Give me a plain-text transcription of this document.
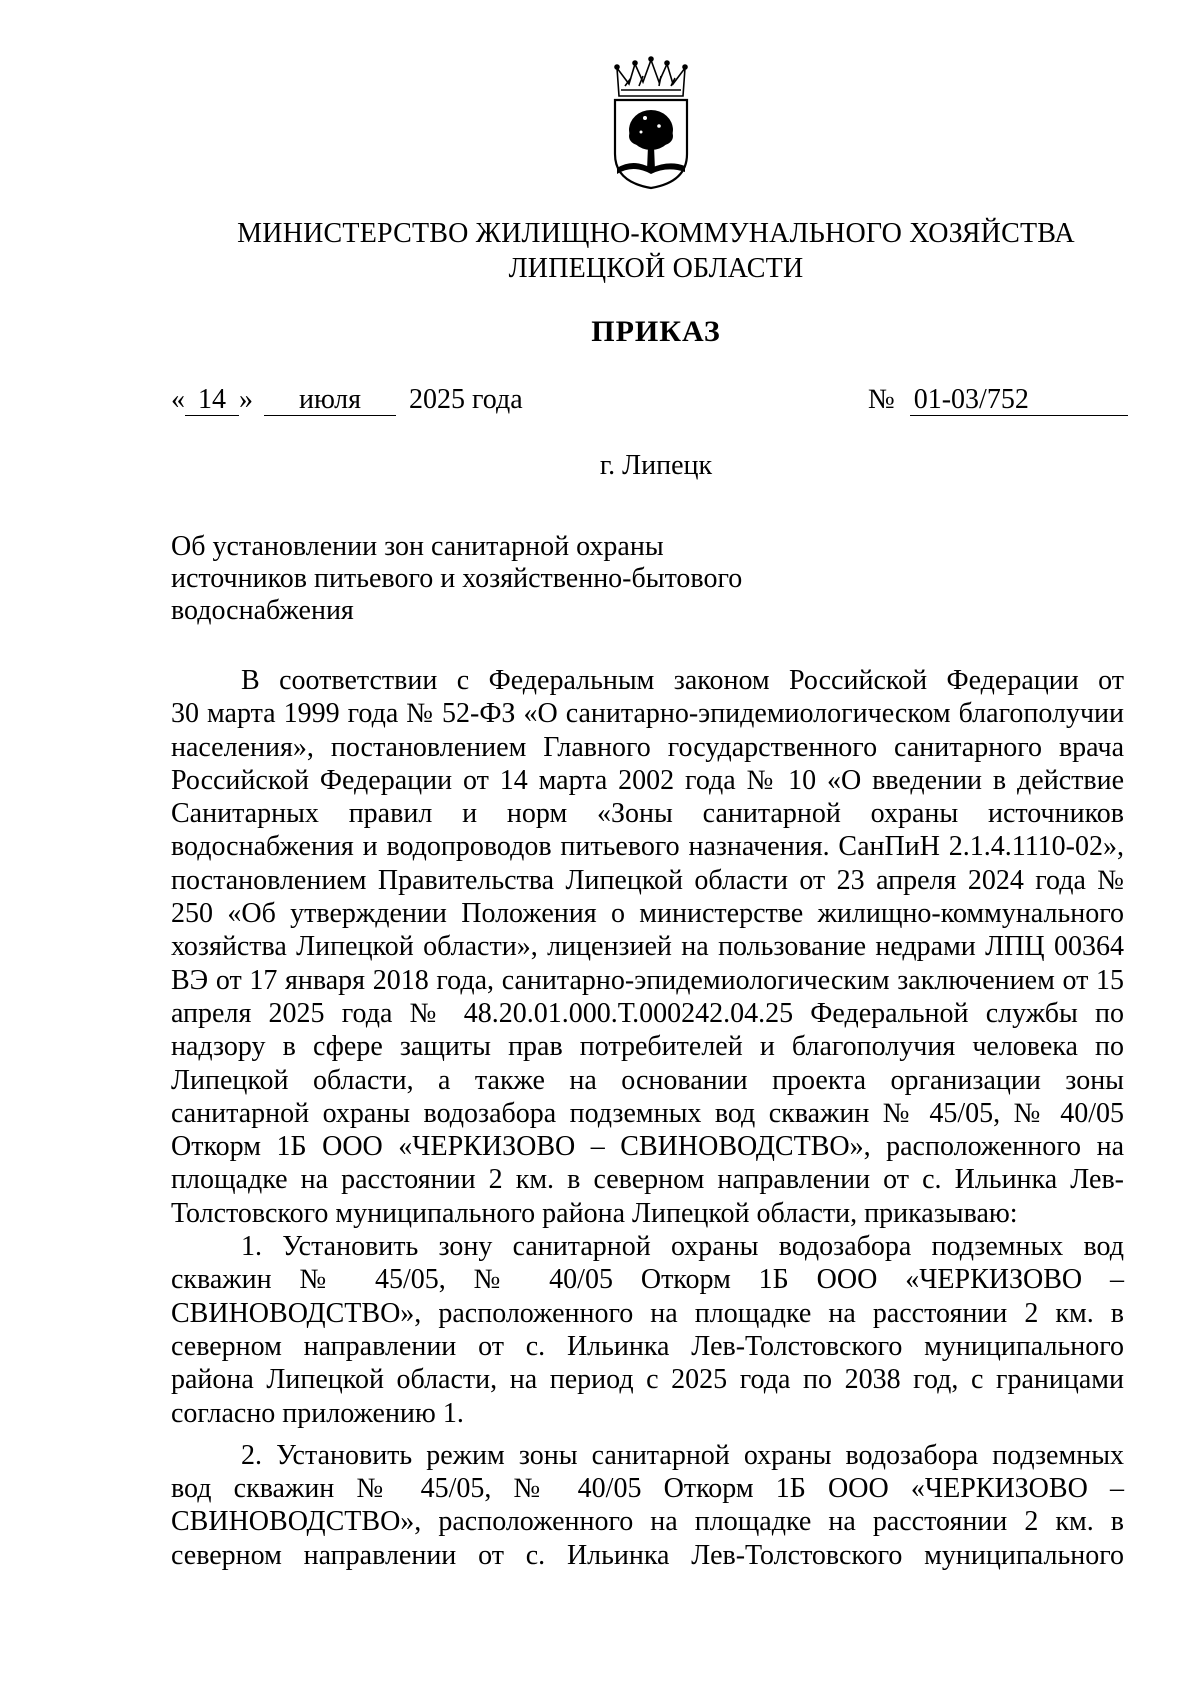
МИНИСТЕРСТВО ЖИЛИЩНО-КОММУНАЛЬНОГО ХОЗЯЙСТВА
ЛИПЕЦКОЙ ОБЛАСТИ
ПРИКАЗ
« 14 » июля 2025 года	№ 01-03/752
г. Липецк
Об установлении зон санитарной охраны
источников питьевого и хозяйственно-бытового
водоснабжения
В соответствии с Федеральным законом Российской Федерации от
30 марта 1999 года № 52-ФЗ «О санитарно-эпидемиологическом благополучии
населения», постановлением Главного государственного санитарного врача
Российской Федерации от 14 марта 2002 года № 10 «О введении в действие
Санитарных правил и норм «Зоны санитарной охраны источников
водоснабжения и водопроводов питьевого назначения. СанПиН 2.1.4.1110-02»,
постановлением Правительства Липецкой области от 23 апреля 2024 года №
250 «Об утверждении Положения о министерстве жилищно-коммунального
хозяйства Липецкой области», лицензией на пользование недрами ЛПЦ 00364
ВЭ от 17 января 2018 года, санитарно-эпидемиологическим заключением от 15
апреля 2025 года № 48.20.01.000.Т.000242.04.25 Федеральной службы по
надзору в сфере защиты прав потребителей и благополучия человека по
Липецкой области, а также на основании проекта организации зоны
санитарной охраны водозабора подземных вод скважин № 45/05, № 40/05
Откорм 1Б ООО «ЧЕРКИЗОВО – СВИНОВОДСТВО», расположенного на
площадке на расстоянии 2 км. в северном направлении от с. Ильинка Лев-
Толстовского муниципального района Липецкой области, приказываю:
1. Установить зону санитарной охраны водозабора подземных вод
скважин № 45/05, № 40/05 Откорм 1Б ООО «ЧЕРКИЗОВО –
СВИНОВОДСТВО», расположенного на площадке на расстоянии 2 км. в
северном направлении от с. Ильинка Лев-Толстовского муниципального
района Липецкой области, на период с 2025 года по 2038 год, с границами
согласно приложению 1.
2. Установить режим зоны санитарной охраны водозабора подземных
вод скважин № 45/05, № 40/05 Откорм 1Б ООО «ЧЕРКИЗОВО –
СВИНОВОДСТВО», расположенного на площадке на расстоянии 2 км. в
северном направлении от с. Ильинка Лев-Толстовского муниципального
